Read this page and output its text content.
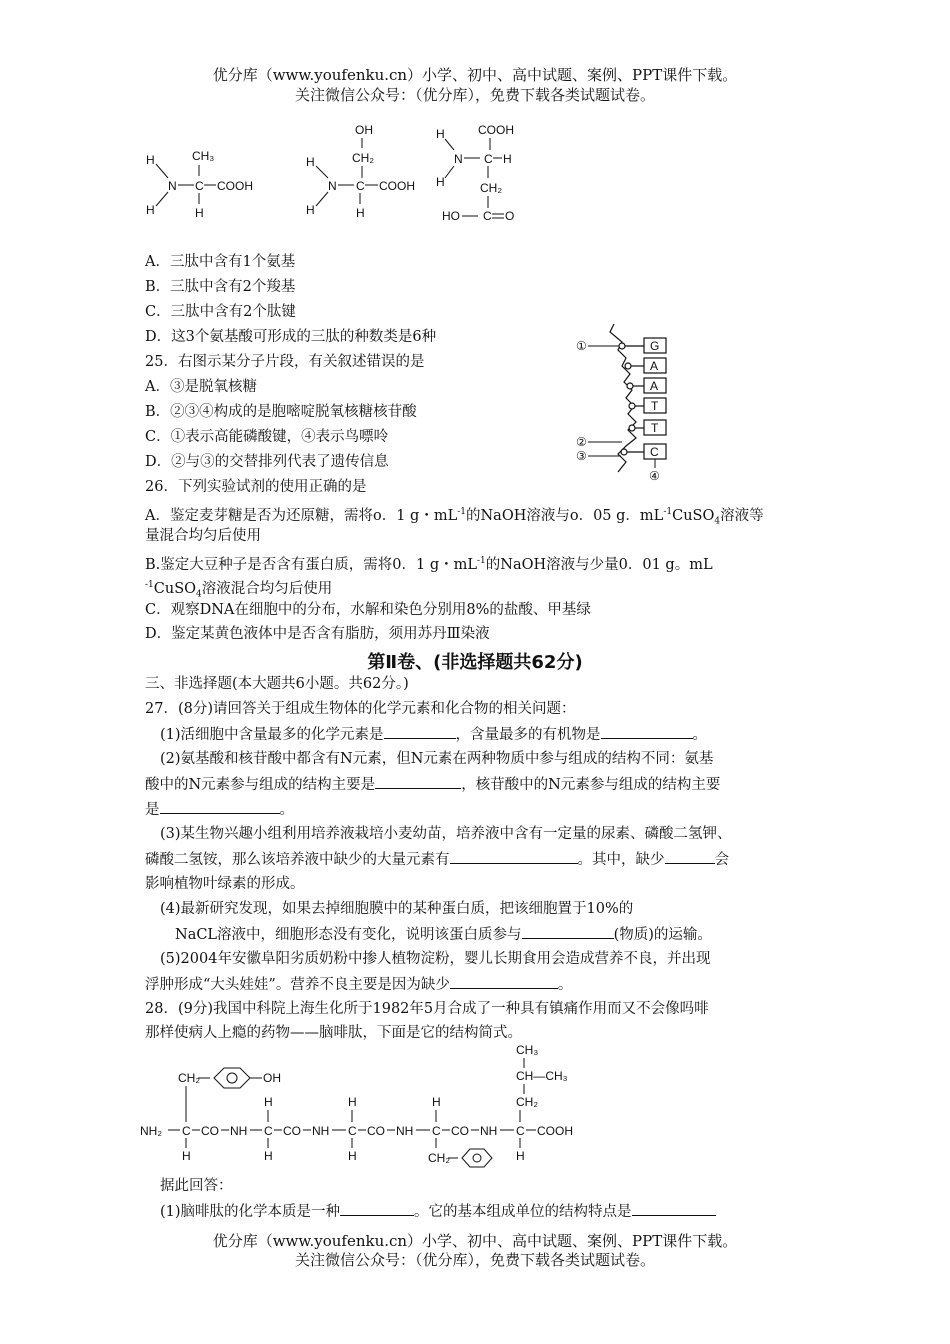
优分库（www.youfenku.cn）小学、初中、高中试题、案例、PPT课件下载。
关注微信公众号：（优分库），免费下载各类试题试卷。
H
H
N C
CH₃
H
COOH
OH
CH₂
H
H
N C
H
COOH
COOH
H
H
N C H
CH₂
HO C O
A．三肽中含有1个氨基
B．三肽中含有2个羧基
C．三肽中含有2个肽键
D．这3个氨基酸可形成的三肽的种数类是6种
25．右图示某分子片段，有关叙述错误的是
A．③是脱氧核糖
B．②③④构成的是胞嘧啶脱氧核糖核苷酸
C．①表示高能磷酸键，④表示鸟嘌呤
D．②与③的交替排列代表了遗传信息
G
A
A
T
T
C
①
②
③
④
26．下列实验试剂的使用正确的是
A．鉴定麦芽糖是否为还原糖，需将o．1 g・$mL^{-1}$的NaOH溶液与o．05 g．$mL^{-1}CuSO_4$溶液等
量混合均匀后使用
B.鉴定大豆种子是否含有蛋白质，需将0．1 g・$mL^{-1}$的NaOH溶液与少量0．01 g。mL
$^{-1}$CuSO$_4$溶液混合均匀后使用
C．观察DNA在细胞中的分布，水解和染色分别用8%的盐酸、甲基绿
D．鉴定某黄色液体中是否含有脂肪，须用苏丹Ⅲ染液
第Ⅱ卷、(非选择题共62分)
三、非选择题(本大题共6小题。共62分。)
27．(8分)请回答关于组成生物体的化学元素和化合物的相关问题：
(1)活细胞中含量最多的化学元素是	，含量最多的有机物是	。
(2)氨基酸和核苷酸中都含有N元素，但N元素在两种物质中参与组成的结构不同：氨基
酸中的N元素参与组成的结构主要是	，核苷酸中的N元素参与组成的结构主要
是	。
(3)某生物兴趣小组利用培养液栽培小麦幼苗，培养液中含有一定量的尿素、磷酸二氢钾、
磷酸二氢铵，那么该培养液中缺少的大量元素有	。其中，缺少	会
影响植物叶绿素的形成。
(4)最新研究发现，如果去掉细胞膜中的某种蛋白质，把该细胞置于10%的
NaCL溶液中，细胞形态没有变化，说明该蛋白质参与	(物质)的运输。
(5)2004年安徽阜阳劣质奶粉中掺人植物淀粉，婴儿长期食用会造成营养不良，并出现
浮肿形成“大头娃娃”。营养不良主要是因为缺少	。
28．(9分)我国中科院上海生化所于1982年5月合成了一种具有镇痛作用而又不会像吗啡
那样使病人上瘾的药物——脑啡肽，下面是它的结构简式。
CH₂	OH
NH₂ C
H
CO NH
H
C
H
CO NH
H
C
H
CO NH
H
C
CH₂
CO NH
CH₃
CH—CH₃
CH₂
C
H
COOH
据此回答：
(1)脑啡肽的化学本质是一种	。它的基本组成单位的结构特点是
优分库（www.youfenku.cn）小学、初中、高中试题、案例、PPT课件下载。
关注微信公众号：（优分库），免费下载各类试题试卷。
